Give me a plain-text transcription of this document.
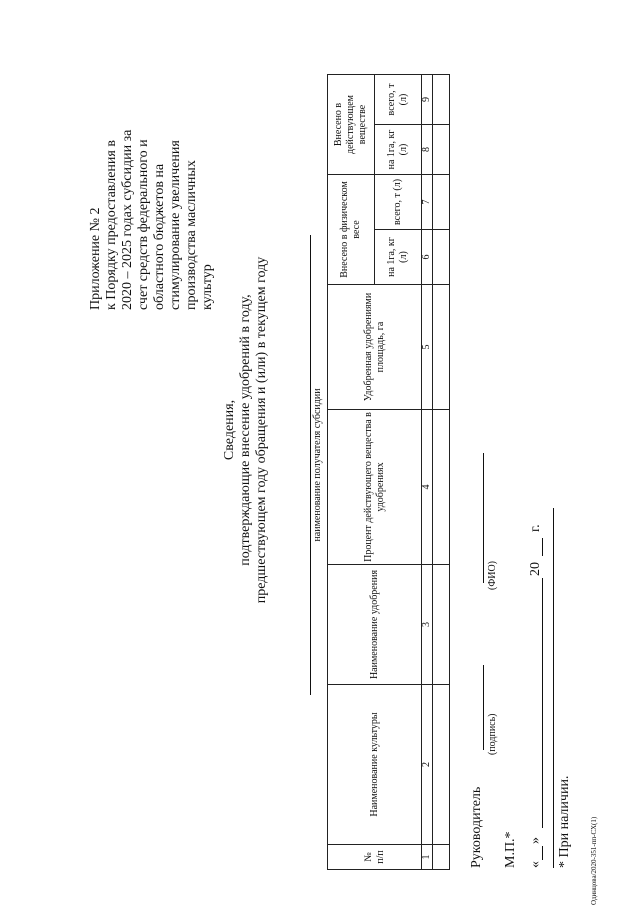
Приложение № 2 к Порядку предоставления в 2020 – 2025 годах субсидии за счет средств федерального и областного бюджетов на стимулирование увеличения производства масличных культур
Сведения, подтверждающие внесение удобрений в году, предшествующем году обращения и (или) в текущем году	наименование получателя субсидии
№ п/п	Наименование культуры	Наименование удобрения	Процент действующего вещества в удобрениях	Удобренная удобрениями площадь, га	Внесено в физическом весе		Внесено в действующем веществе	
					на 1га, кг (л)	всего, т (л)	на 1га, кг (л)	всего, т (л)
1	2	3	4	5	6	7	8	9

Руководитель
(подпись)
(ФИО)
М.П.* «
»
20
г.
* При наличии.	Одинцова/2020-351-пп-СХ(1)
